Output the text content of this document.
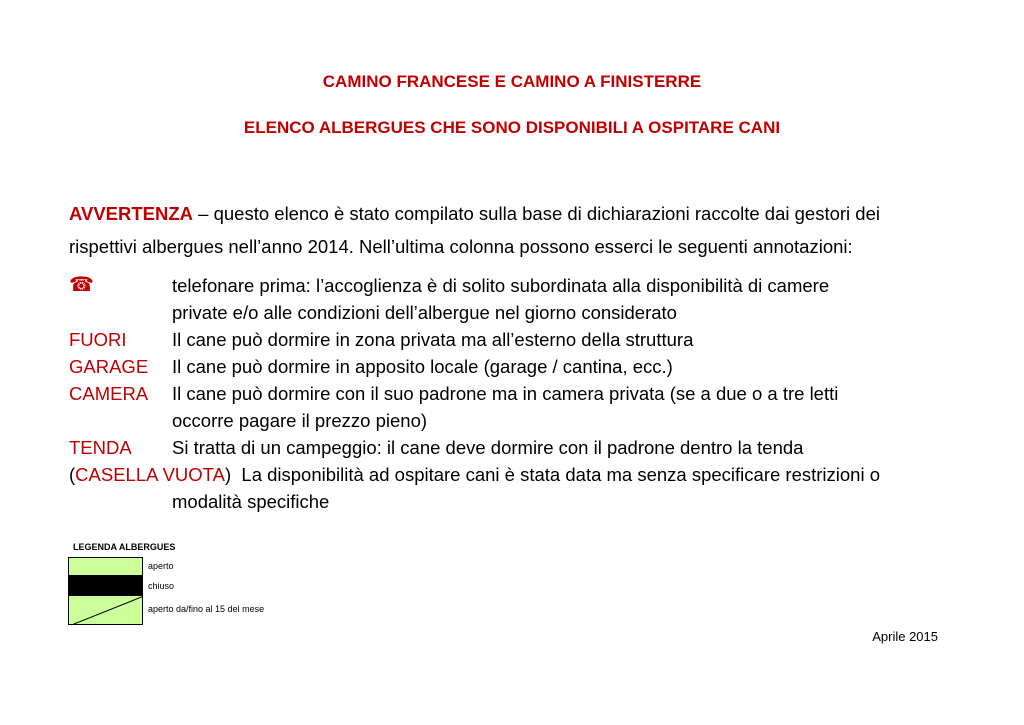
CAMINO FRANCESE E CAMINO A FINISTERRE
ELENCO ALBERGUES CHE SONO DISPONIBILI A OSPITARE CANI
AVVERTENZA – questo elenco è stato compilato sulla base di dichiarazioni raccolte dai gestori dei
rispettivi albergues nell’anno 2014. Nell’ultima colonna possono esserci le seguenti annotazioni:
☎	telefonare prima: l’accoglienza è di solito subordinata alla disponibilità di camere
private e/o alle condizioni dell’albergue nel giorno considerato
FUORI Il cane può dormire in zona privata ma all’esterno della struttura
GARAGE Il cane può dormire in apposito locale (garage / cantina, ecc.)
CAMERA Il cane può dormire con il suo padrone ma in camera privata (se a due o a tre letti
occorre pagare il prezzo pieno)
TENDA Si tratta di un campeggio: il cane deve dormire con il padrone dentro la tenda
(CASELLA VUOTA)  La disponibilità ad ospitare cani è stata data ma senza specificare restrizioni o
modalità specifiche
LEGENDA ALBERGUES
aperto
chiuso
aperto da/fino al 15 del mese
Aprile 2015
